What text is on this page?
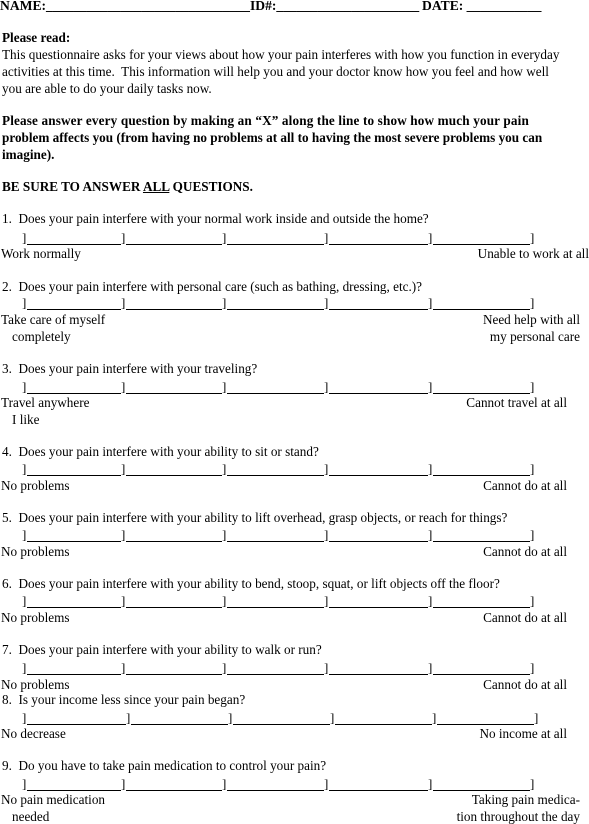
NAME:______________________________

ID#:_____________________

DATE: ___________

Please read:
This questionnaire asks for your views about how your pain interferes with how you function in everyday
activities at this time.  This information will help you and your doctor know how you feel and how well
you are able to do your daily tasks now.
Please answer every question by making an “X” along the line to show how much your pain
problem affects you (from having no problems at all to having the most severe problems you can
imagine).
BE SURE TO ANSWER ALL QUESTIONS.
1.  Does your pain interfere with your normal work inside and outside the home?
]	]	]	]	]	]
Work normally	Unable to work at all
2.  Does your pain interfere with personal care (such as bathing, dressing, etc.)?
]	]	]	]	]	]
Take care of myself
completely
Need help with all
my personal care
3.  Does your pain interfere with your traveling?
]	]	]	]	]	]
Travel anywhere
I like
Cannot travel at all
4.  Does your pain interfere with your ability to sit or stand?
]	]	]	]	]	]
No problems	Cannot do at all
5.  Does your pain interfere with your ability to lift overhead, grasp objects, or reach for things?
]	]	]	]	]	]
No problems	Cannot do at all
6.  Does your pain interfere with your ability to bend, stoop, squat, or lift objects off the floor?
]	]	]	]	]	]
No problems	Cannot do at all
7.  Does your pain interfere with your ability to walk or run?
]	]	]	]	]	]
No problems	Cannot do at all
8.  Is your income less since your pain began?
]	]	]	]	]	]
No decrease	No income at all
9.  Do you have to take pain medication to control your pain?
]	]	]	]	]	]
No pain medication
needed
Taking pain medica-
tion throughout the day
